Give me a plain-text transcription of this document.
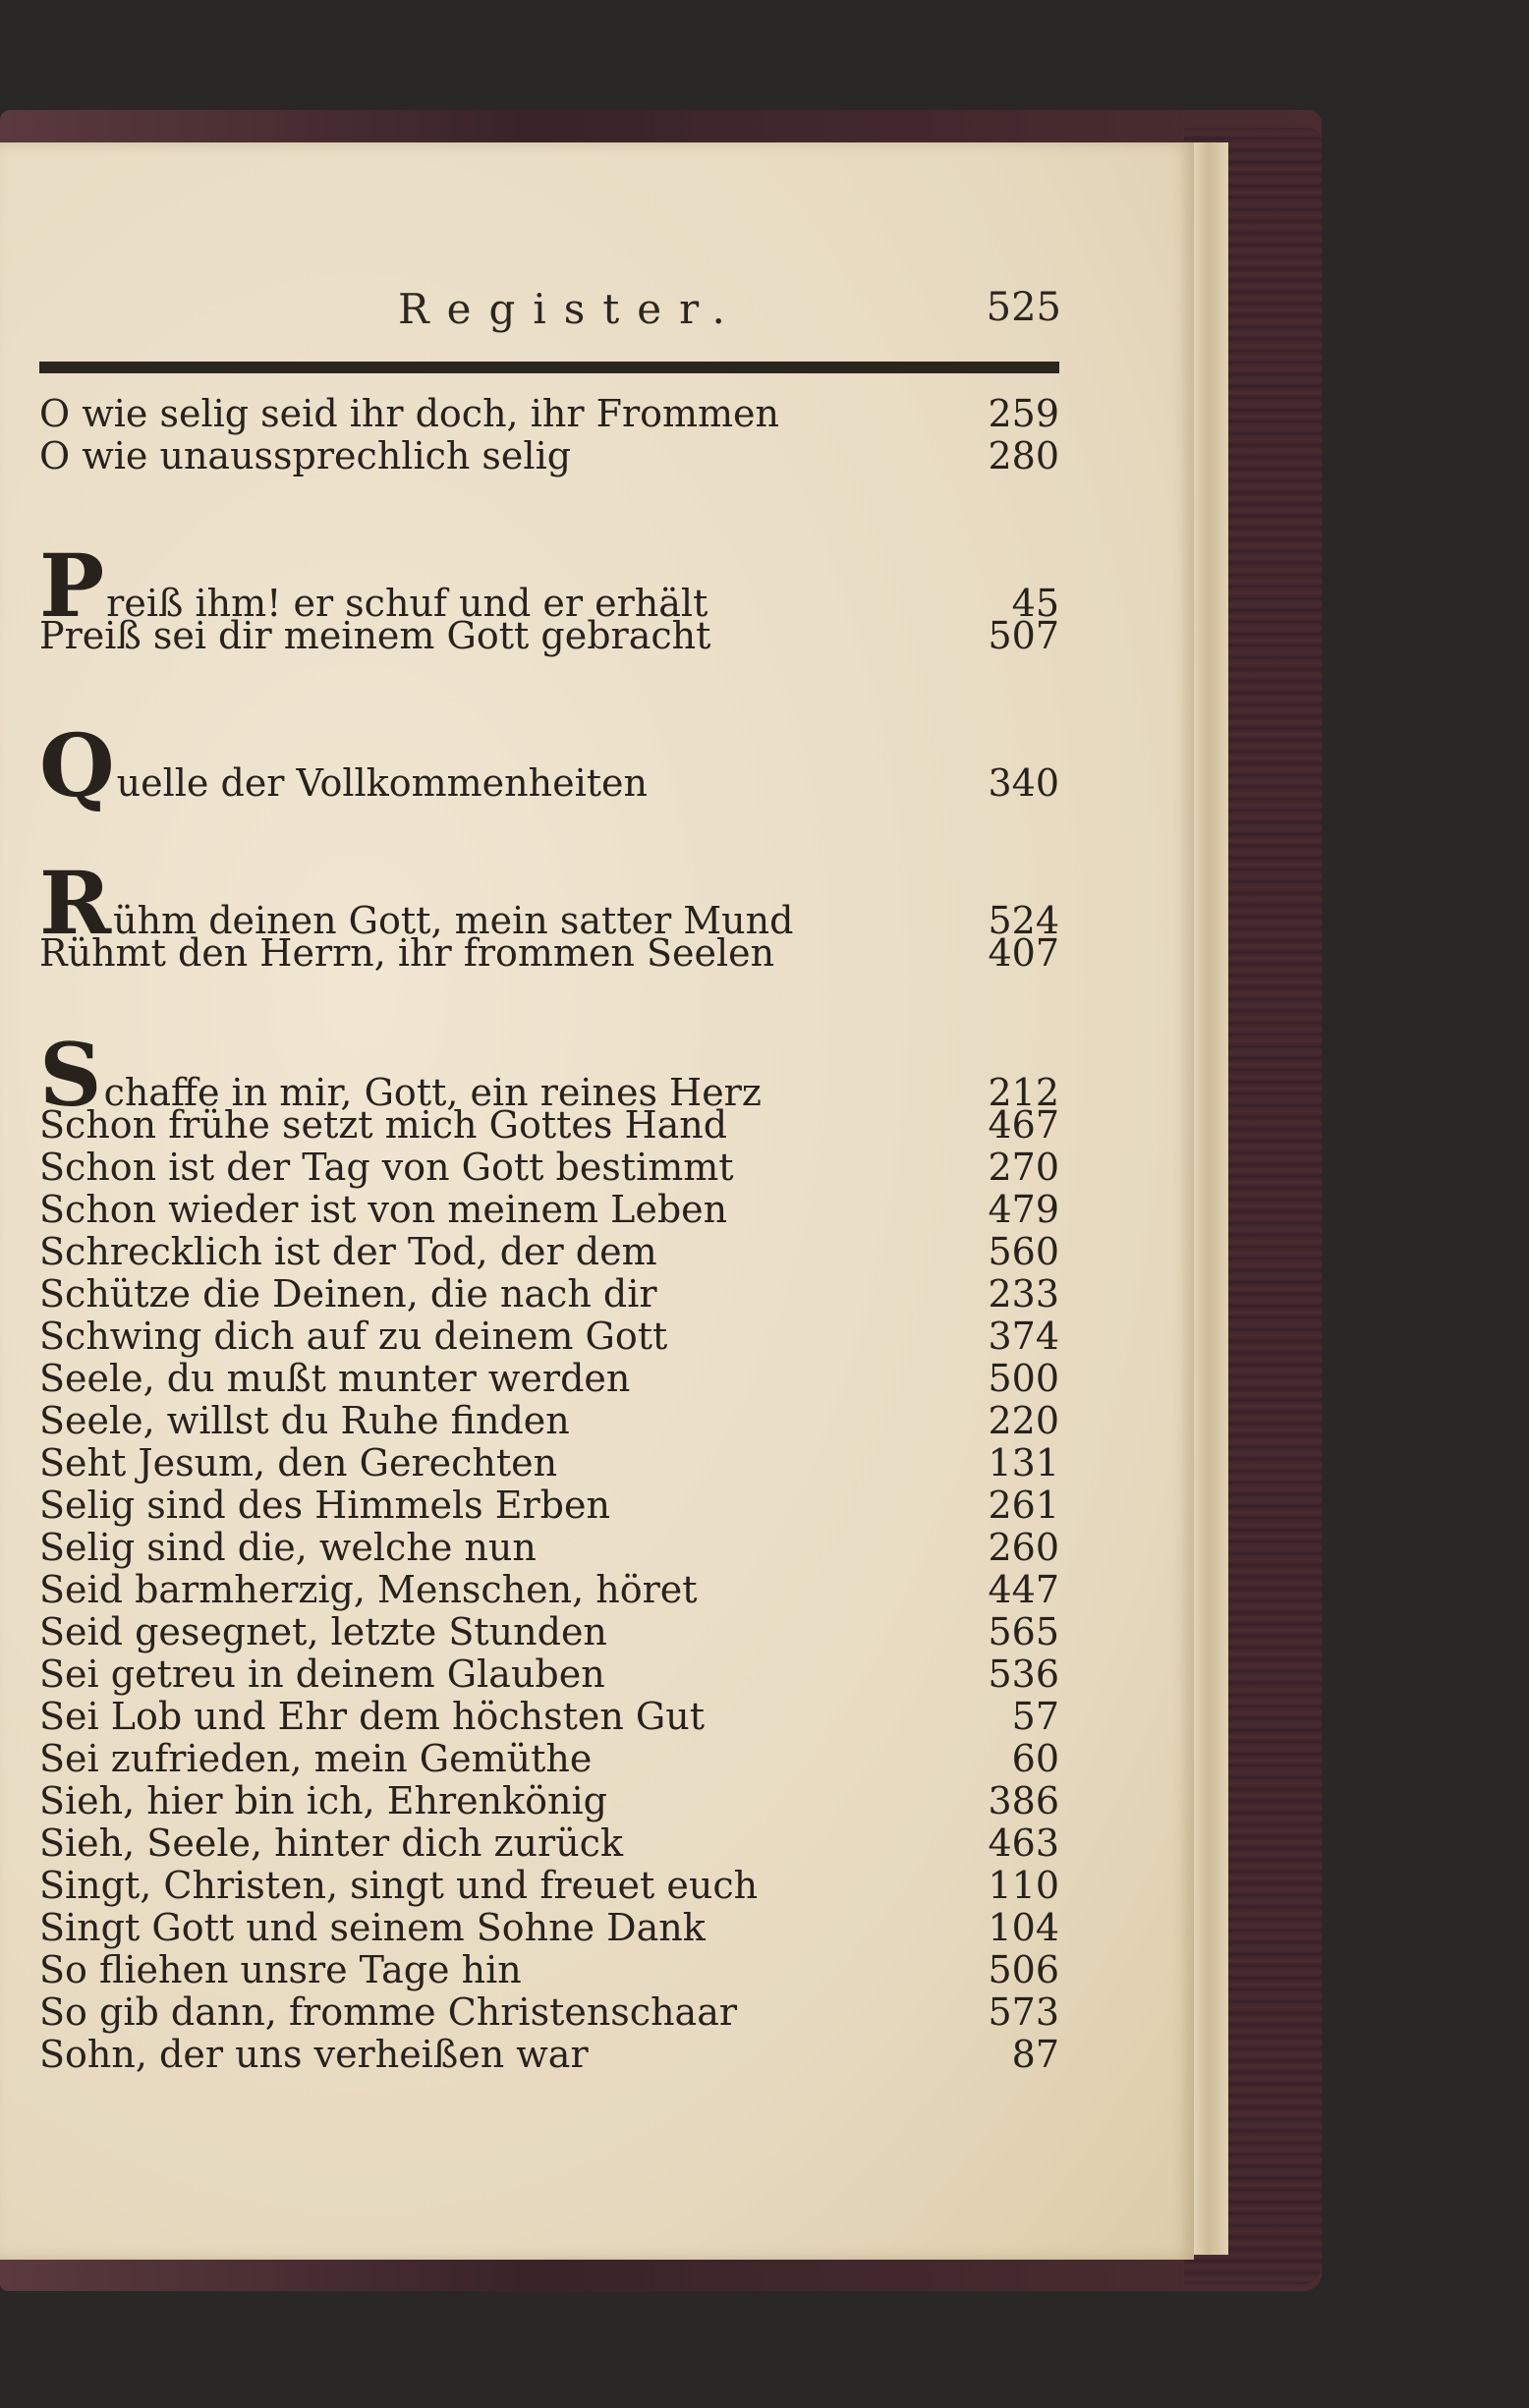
Register.	525
O wie selig seid ihr doch, ihr Frommen	259
O wie unaussprechlich selig	280
Preiß ihm! er schuf und er erhält	45
Preiß sei dir meinem Gott gebracht	507
Quelle der Vollkommenheiten	340
Rühm deinen Gott, mein satter Mund	524
Rühmt den Herrn, ihr frommen Seelen	407
Schaffe in mir, Gott, ein reines Herz	212
Schon frühe setzt mich Gottes Hand	467
Schon ist der Tag von Gott bestimmt	270
Schon wieder ist von meinem Leben	479
Schrecklich ist der Tod, der dem	560
Schütze die Deinen, die nach dir	233
Schwing dich auf zu deinem Gott	374
Seele, du mußt munter werden	500
Seele, willst du Ruhe finden	220
Seht Jesum, den Gerechten	131
Selig sind des Himmels Erben	261
Selig sind die, welche nun	260
Seid barmherzig, Menschen, höret	447
Seid gesegnet, letzte Stunden	565
Sei getreu in deinem Glauben	536
Sei Lob und Ehr dem höchsten Gut	57
Sei zufrieden, mein Gemüthe	60
Sieh, hier bin ich, Ehrenkönig	386
Sieh, Seele, hinter dich zurück	463
Singt, Christen, singt und freuet euch	110
Singt Gott und seinem Sohne Dank	104
So fliehen unsre Tage hin	506
So gib dann, fromme Christenschaar	573
Sohn, der uns verheißen war	87
